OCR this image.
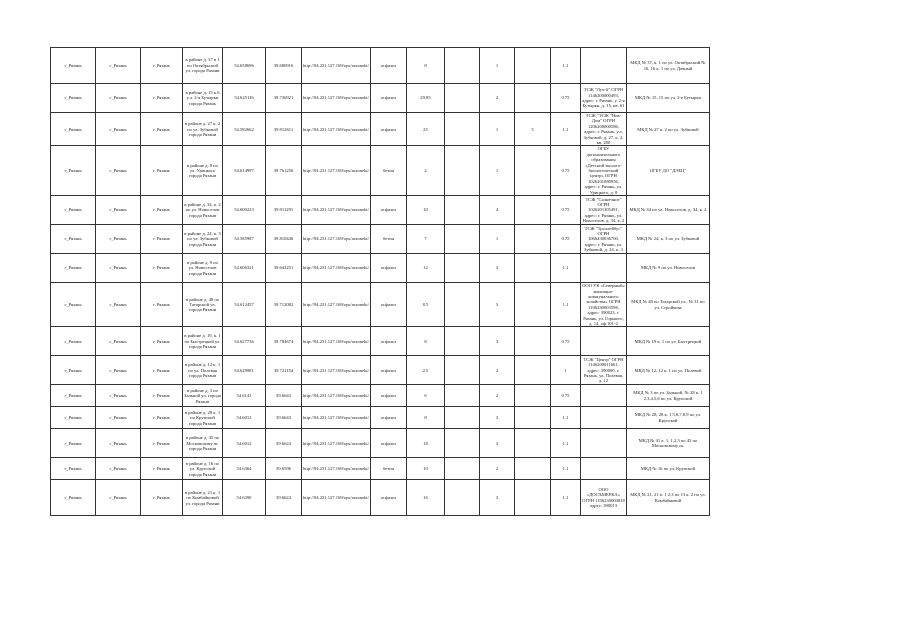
г_Рязань	г_Рязань	г. Рязань	в районе д. 37 в 1 по Октябрьской ул. города Рязани	54.658696	39.680916	http://94.231.127.169/ops/ruzonekt/	асфальт	8		1		1.1		МКД № 37, к. 1 по ул. Октябрьский № 16, 16 к. 1 по ул. Дачный
г_Рязань	г_Рязань	г. Рязань	в районе д. 15 к.6 у.л. 2-я Бутырки города Рязань	54.625116	39.736921	http://94.231.127.169/ops/ruzonekt/	асфальт	29.85		2		0.75	ТСЖ "Луч-6" ОГРН 1146200000493, адрес: г. Рязань, у. 2-я Бутырки, д. 15, кв. 61	МКД № 15, 15 по ул. 2-е Бутырки
г_Рязань	г_Рязань	г. Рязань	в районе д. 27 к. 2 по ул. Зубковой города Рязани	54.582662	39.812611	http://94.231.127.169/ops/ruzonekt/	асфальт	25		1	5	1.1	ТСЖ "ТСЖ "Нов-Дом" ОГРН 1206200000586, адрес: г. Рязань, у.л. Зубковой, д. 27, к. 2, кв. 200	МКД № 27 к. 2 по ул. Зубковой
г_Рязань	г_Рязань	г. Рязань	в районе д. 8 по ул. Урицкого города Рязани	54.614997	39.761256	http://94.231.127.169/ops/ruzonekt/	бетон	2		1		0.75	ОГБУ дополнительного образования «Детский эколого-биологический центр» ОГРН 1026201080956, адрес: г. Рязань, ул. Урицкого, д. 8	ОГБУ ДО "ДЭБЦ"
г_Рязань	г_Рязань	г. Рязань	в районе д. 34, к. 2 по ул. Новоселов города Рязани	54.600223	39.811291	http://94.231.127.169/ops/ruzonekt/	асфальт	10		4		0.75	ТСЖ "Солнечное" ОГРН 1026201105491, адрес: г. Рязань, ул. Новоселов, д. 34, к. 2	МКД № 34 по ул. Новоселов, д. 34, к. 2
г_Рязань	г_Рязань	г. Рязань	в районе д. 24, к. 3 по ул. Зубковой города Рязани	54.585987	39.810446	http://94.231.127.169/ops/ruzonekt/	бетон	7		1		0.75	ТСЖ "Троллейбус" ОГРН 1066230036760, адрес: г. Рязань, ул. Зубковой, д. 24, к. 3	МКД № 24, к. 3 по ул. Зубковой
г_Рязань	г_Рязань	г. Рязань	в районе д. 9 по ул. Новоселов города Рязани	54.606321	39.642251	http://94.231.127.169/ops/ruzonekt/	асфальт	12		3		1.1		МКД № 9 по ул. Новоселов
г_Рязань	г_Рязань	г. Рязань	в районе д. 48 по Татарской ул. города Рязани	54.612457	39.712082	http://94.231.127.169/ops/ruzonekt/	асфальт	8.5		3		1.1	ООО УК «Северный» жилищно-коммунального хозяйства» ОГРН 1196230003598, адрес: 390023, г. Рязань, ул. Горького, д. 14, оф.101-2	МКД № 48 по Татарской ул., № 31 по ул. Стройкова
г_Рязань	г_Рязань	г. Рязань	в районе д. 19, к. 1 по Быстрецкой ул. города Рязани	54.627736	39.784674	http://94.231.127.169/ops/ruzonekt/	асфальт	8		3		0.75		МКД № 19 к. 1 по ул. Быстрецкой
г_Рязань	г_Рязань	г. Рязань	в районе д. 12 к. 1 по ул. Полевая города Рязани	54.629981	39.721154	http://94.231.127.169/ops/ruzonekt/	асфальт	2.5		2		1	ТСЖ "Центр" ОГРН 1146200011661, адрес: 390000, г. Рязань, ул. Полевая, д. 12	МКД № 12, 12 к. 1 по ул. Полевой
г_Рязань	г_Рязань	г. Рязань	в районе д. 3 по Зальной ул. города Рязани	54.6141	39.6643	http://94.231.127.169/ops/ruzonekt/	асфальт	6		2		0.75		МКД № 3 по ул. Зальной, № 28 к. 1 2,3,4,5,6 по ул. Крупской
г_Рязань	г_Рязань	г. Рязань	в районе д. 28 к. 1 по Крупской города Рязани	54.6012	39.6643	http://94.231.127.169/ops/ruzonekt/	асфальт	8		3		1.1		МКД № 28, 28 к. 1 5,6,7,8,9 по ул. Крупской
г_Рязань	г_Рязань	г. Рязань	в районе д. 45 по Московскому ш. города Рязани	54.6012	39.6624	http://94.231.127.169/ops/ruzonekt/	асфальт	18		3		1.1		МКД № 41 к. 1, 1,2,3 по 45 по Московскому ш.
г_Рязань	г_Рязань	г. Рязань	в районе д. 16 по ул. Крупской города Рязани	54.6364	39.6596	http://94.231.127.169/ops/ruzonekt/	бетон	10		2		1.1		МКД № 16 по ул. Крупской
г_Рязань	г_Рязань	г. Рязань	в районе д. 21 к. 1 по Комбайновой ул. города Рязани	54.6390	39.6624	http://94.231.127.169/ops/ruzonekt/	асфальт	16		3		1.1	ООО «ДОСЪМЕРКА» ОГРН 1196230003818 адрес: 390013	МКД № 21, 21 к. 1 2,3 по 13 к. 2 по ул. Комбайновой
